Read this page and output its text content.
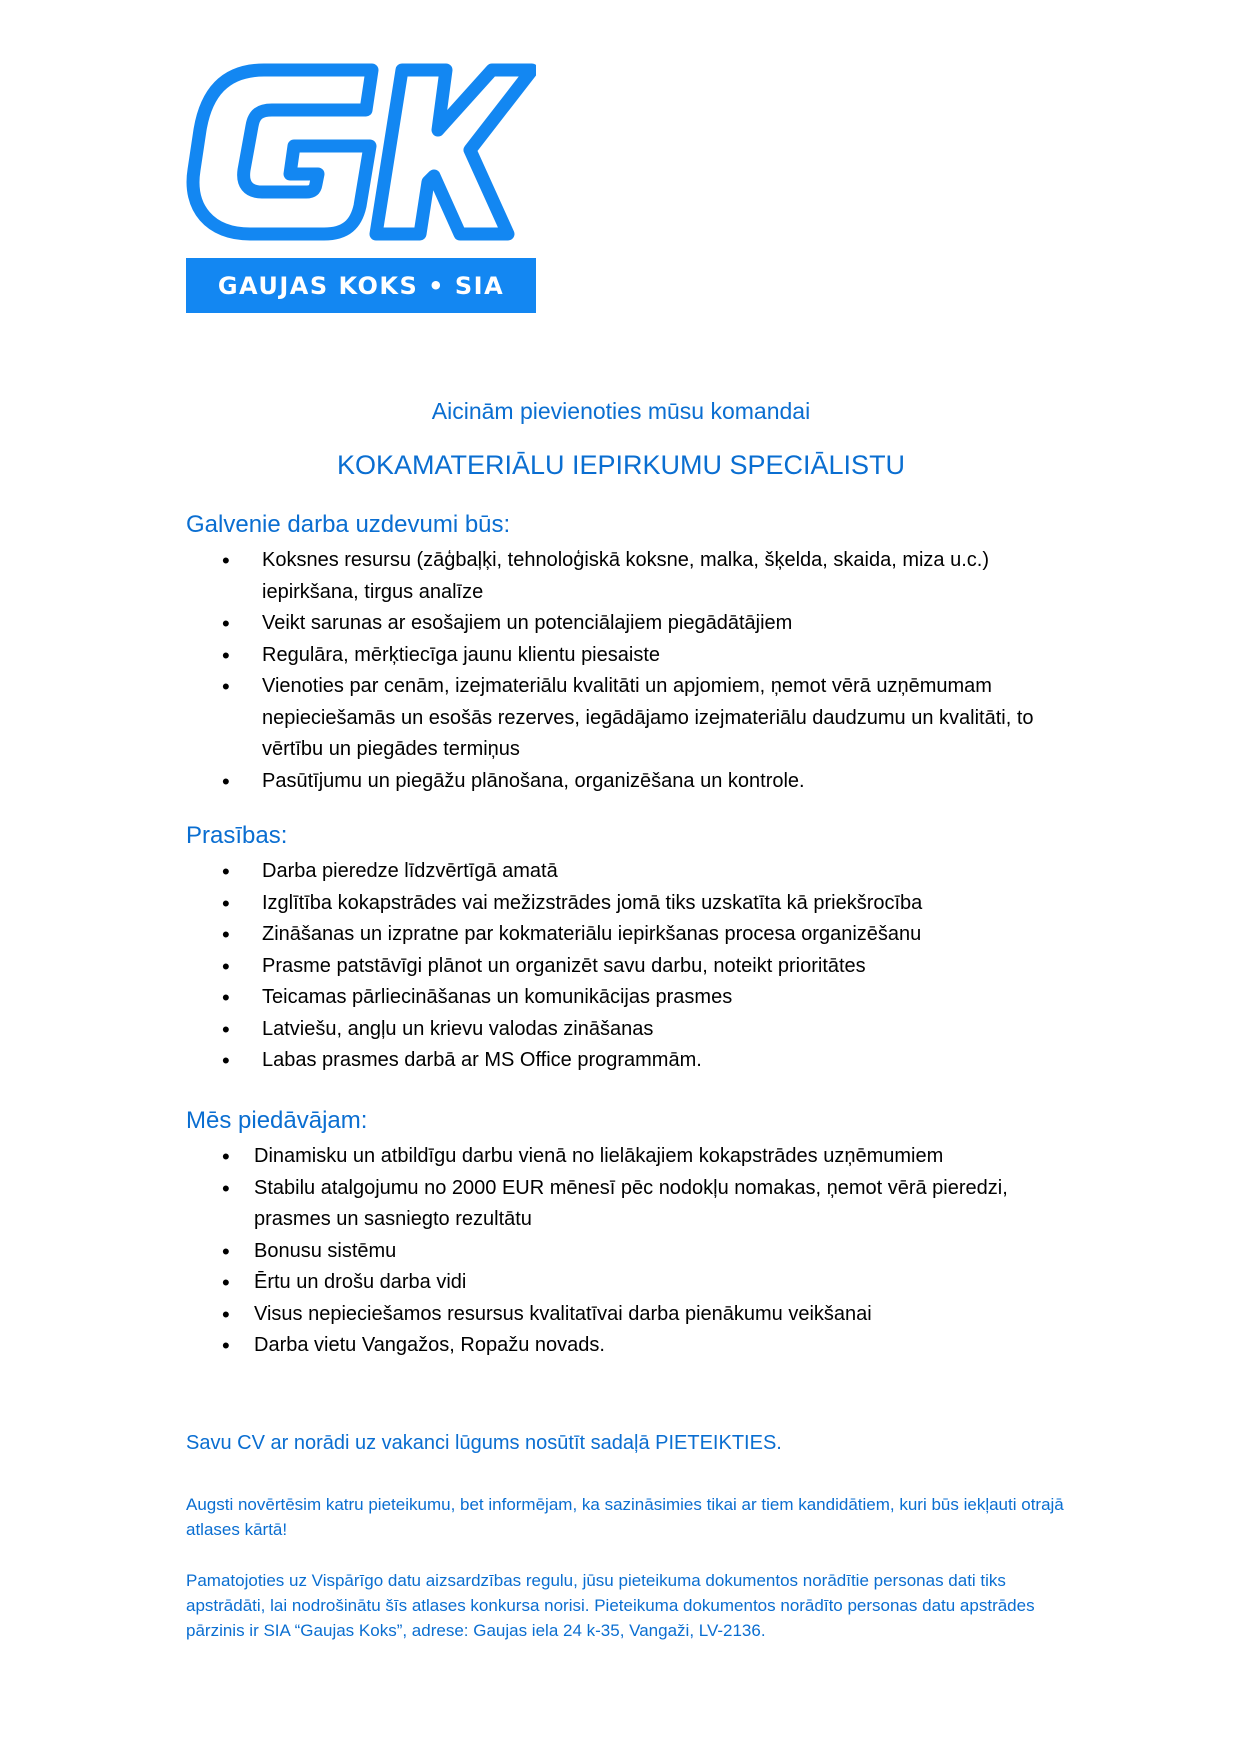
GAUJAS KOKS • SIA
Aicinām pievienoties mūsu komandai
KOKAMATERIĀLU IEPIRKUMU SPECIĀLISTU
Galvenie darba uzdevumi būs:
• Koksnes resursu (zāģbaļķi, tehnoloģiskā koksne, malka, šķelda, skaida, miza u.c.) iepirkšana, tirgus analīze
• Veikt sarunas ar esošajiem un potenciālajiem piegādātājiem
• Regulāra, mērķtiecīga jaunu klientu piesaiste
• Vienoties par cenām, izejmateriālu kvalitāti un apjomiem, ņemot vērā uzņēmumam nepieciešamās un esošās rezerves, iegādājamo izejmateriālu daudzumu un kvalitāti, to vērtību un piegādes termiņus
• Pasūtījumu un piegāžu plānošana, organizēšana un kontrole.
Prasības:
• Darba pieredze līdzvērtīgā amatā
• Izglītība kokapstrādes vai mežizstrādes jomā tiks uzskatīta kā priekšrocība
• Zināšanas un izpratne par kokmateriālu iepirkšanas procesa organizēšanu
• Prasme patstāvīgi plānot un organizēt savu darbu, noteikt prioritātes
• Teicamas pārliecināšanas un komunikācijas prasmes
• Latviešu, angļu un krievu valodas zināšanas
• Labas prasmes darbā ar MS Office programmām.
Mēs piedāvājam:
• Dinamisku un atbildīgu darbu vienā no lielākajiem kokapstrādes uzņēmumiem
• Stabilu atalgojumu no 2000 EUR mēnesī pēc nodokļu nomakas, ņemot vērā pieredzi, prasmes un sasniegto rezultātu
• Bonusu sistēmu
• Ērtu un drošu darba vidi
• Visus nepieciešamos resursus kvalitatīvai darba pienākumu veikšanai
• Darba vietu Vangažos, Ropažu novads.
Savu CV ar norādi uz vakanci lūgums nosūtīt sadaļā PIETEIKTIES.
Augsti novērtēsim katru pieteikumu, bet informējam, ka sazināsimies tikai ar tiem kandidātiem, kuri būs iekļauti otrajā atlases kārtā!
Pamatojoties uz Vispārīgo datu aizsardzības regulu, jūsu pieteikuma dokumentos norādītie personas dati tiks apstrādāti, lai nodrošinātu šīs atlases konkursa norisi. Pieteikuma dokumentos norādīto personas datu apstrādes pārzinis ir SIA “Gaujas Koks”, adrese: Gaujas iela 24 k-35, Vangaži, LV-2136.
